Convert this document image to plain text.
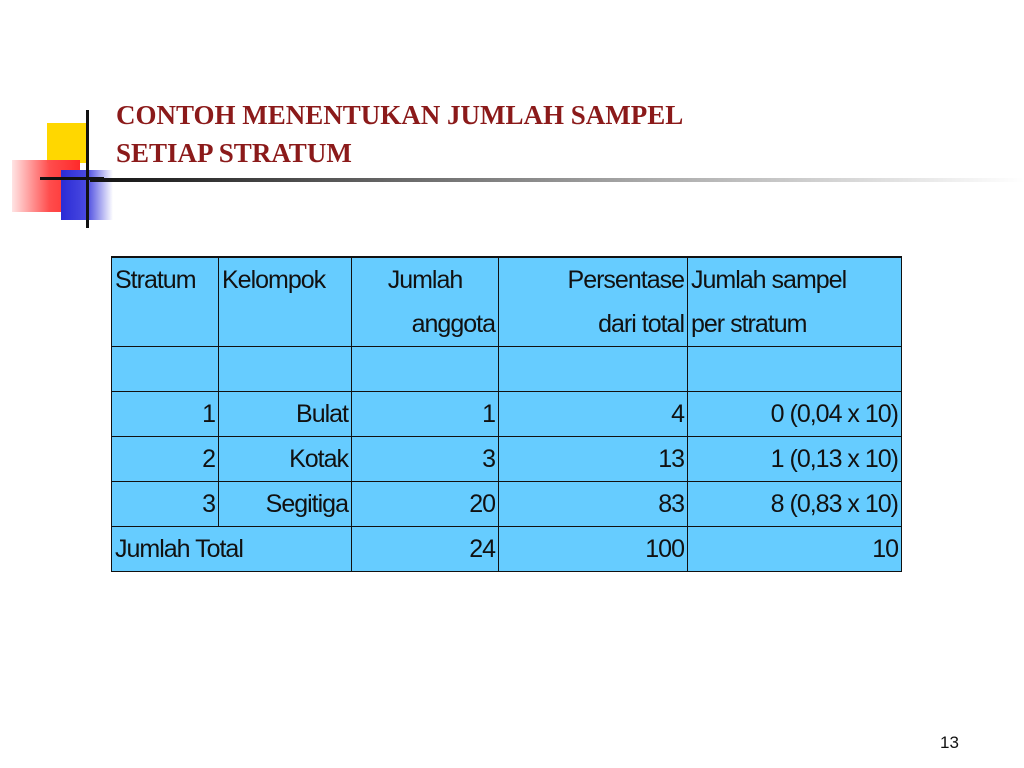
CONTOH MENENTUKAN JUMLAH SAMPEL
SETIAP STRATUM
Stratum	Kelompok	Jumlah	Persentase	Jumlah sampel
		anggota	dari total	per stratum

1	Bulat	1	4	0 (0,04 x 10)
2	Kotak	3	13	1 (0,13 x 10)
3	Segitiga	20	83	8 (0,83 x 10)
Jumlah Total		24	100	10
13
